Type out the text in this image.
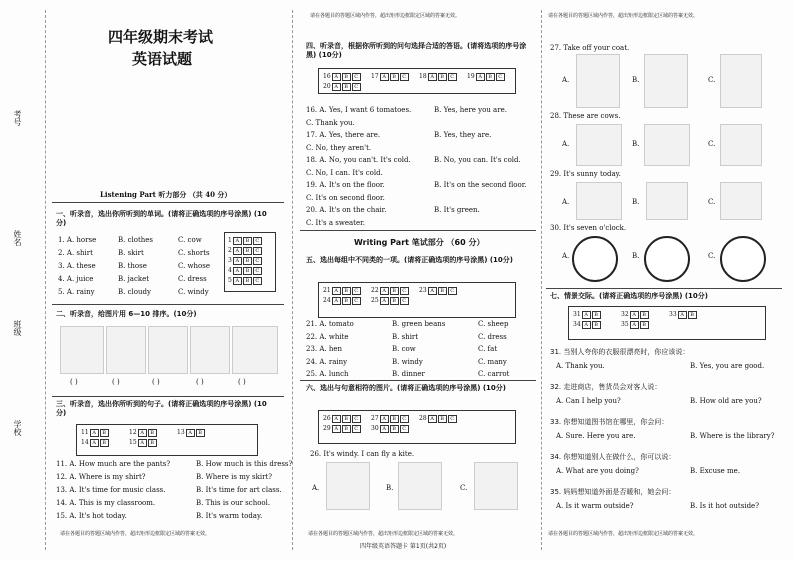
四年级期末考试
英语试题
考号
姓名
班级
学校
Listening Part 听力部分 （共 40 分）
一、听录音，选出你所听到的单词。(请将正确选项的序号涂黑) (10分)
1. A. horse	B. clothes	C. cow
2. A. shirt	B. skirt	C. shorts
3. A. these	B. those	C. whose
4. A. juice	B. jacket	C. dress
5. A. rainy	B. cloudy	C. windy
1 A B C
2 A B C
3 A B C
4 A B C
5 A B C
二、听录音，给图片用 6—10 排序。(10分)
( )	( )	( )	( )	( )
三、听录音，选出你所听到的句子。(请将正确选项的序号涂黑) (10分)
11 A B	12 A B	13 A B
14 A B	15 A B
11. A. How much are the pants?	B. How much is this dress?
12. A. Where is my shirt?	B. Where is my skirt?
13. A. It's time for music class.	B. It's time for art class.
14. A. This is my classroom.	B. This is our school.
15. A. It's hot today.	B. It's warm today.
请在各题目的答题区域内作答，超出矩形边框限定区域的答案无效。
请在各题目的答题区域内作答，超出矩形边框限定区域的答案无效。
四、听录音，根据你所听到的问句选择合适的答语。(请将选项的序号涂黑) (10分)
16 A B C	17 A B C	18 A B C	19 A B C
20 A B C
16. A. Yes, I want 6 tomatoes.	B. Yes, here you are.
C. Thank you.
17. A. Yes, there are.	B. Yes, they are.
C. No, they aren't.
18. A. No, you can't. It's cold.	B. No, you can. It's cold.
C. No, I can. It's cold.
19. A. It's on the floor.	B. It's on the second floor.
C. It's on second floor.
20. A. It's on the chair.	B. It's green.
C. It's a sweater.
Writing Part 笔试部分 （60 分）
五、选出每组中不同类的一项。(请将正确选项的序号涂黑) (10分)
21 A B C	22 A B C	23 A B C
24 A B C	25 A B C
21. A. tomato	B. green beans	C. sheep
22. A. white	B. shirt	C. dress
23. A. hen	B. cow	C. fat
24. A. rainy	B. windy	C. many
25. A. lunch	B. dinner	C. carrot
六、选出与句意相符的图片。(请将正确选项的序号涂黑) (10分)
26 A B C	27 A B C	28 A B C
29 A B C	30 A B C
26. It's windy. I can fly a kite.
A.	B.	C.
请在各题目的答题区域内作答，超出矩形边框限定区域的答案无效。
请在各题目的答题区域内作答，超出矩形边框限定区域的答案无效。
27. Take off your coat.
28. These are cows.
29. It's sunny today.
30. It's seven o'clock.
A.	B.	C.
A.	B.	C.
A.	B.	C.
A.	B.	C.
七、情景交际。(请将正确选项的序号涂黑) (10分)
31 A B	32 A B	33 A B
34 A B	35 A B
31. 当别人夸你的衣服很漂亮时，你应该说：
A. Thank you.	B. Yes, you are good.
32. 走进商店，售货员会对客人说：
A. Can I help you?	B. How old are you?
33. 你想知道图书馆在哪里，你会问：
A. Sure. Here you are.	B. Where is the library?
34. 你想知道别人在做什么，你可以说：
A. What are you doing?	B. Excuse me.
35. 妈妈想知道外面是否暖和，她会问：
A. Is it warm outside?	B. Is it hot outside?
请在各题目的答题区域内作答，超出矩形边框限定区域的答案无效。
四年级英语答题卡 第1页(共2页)
